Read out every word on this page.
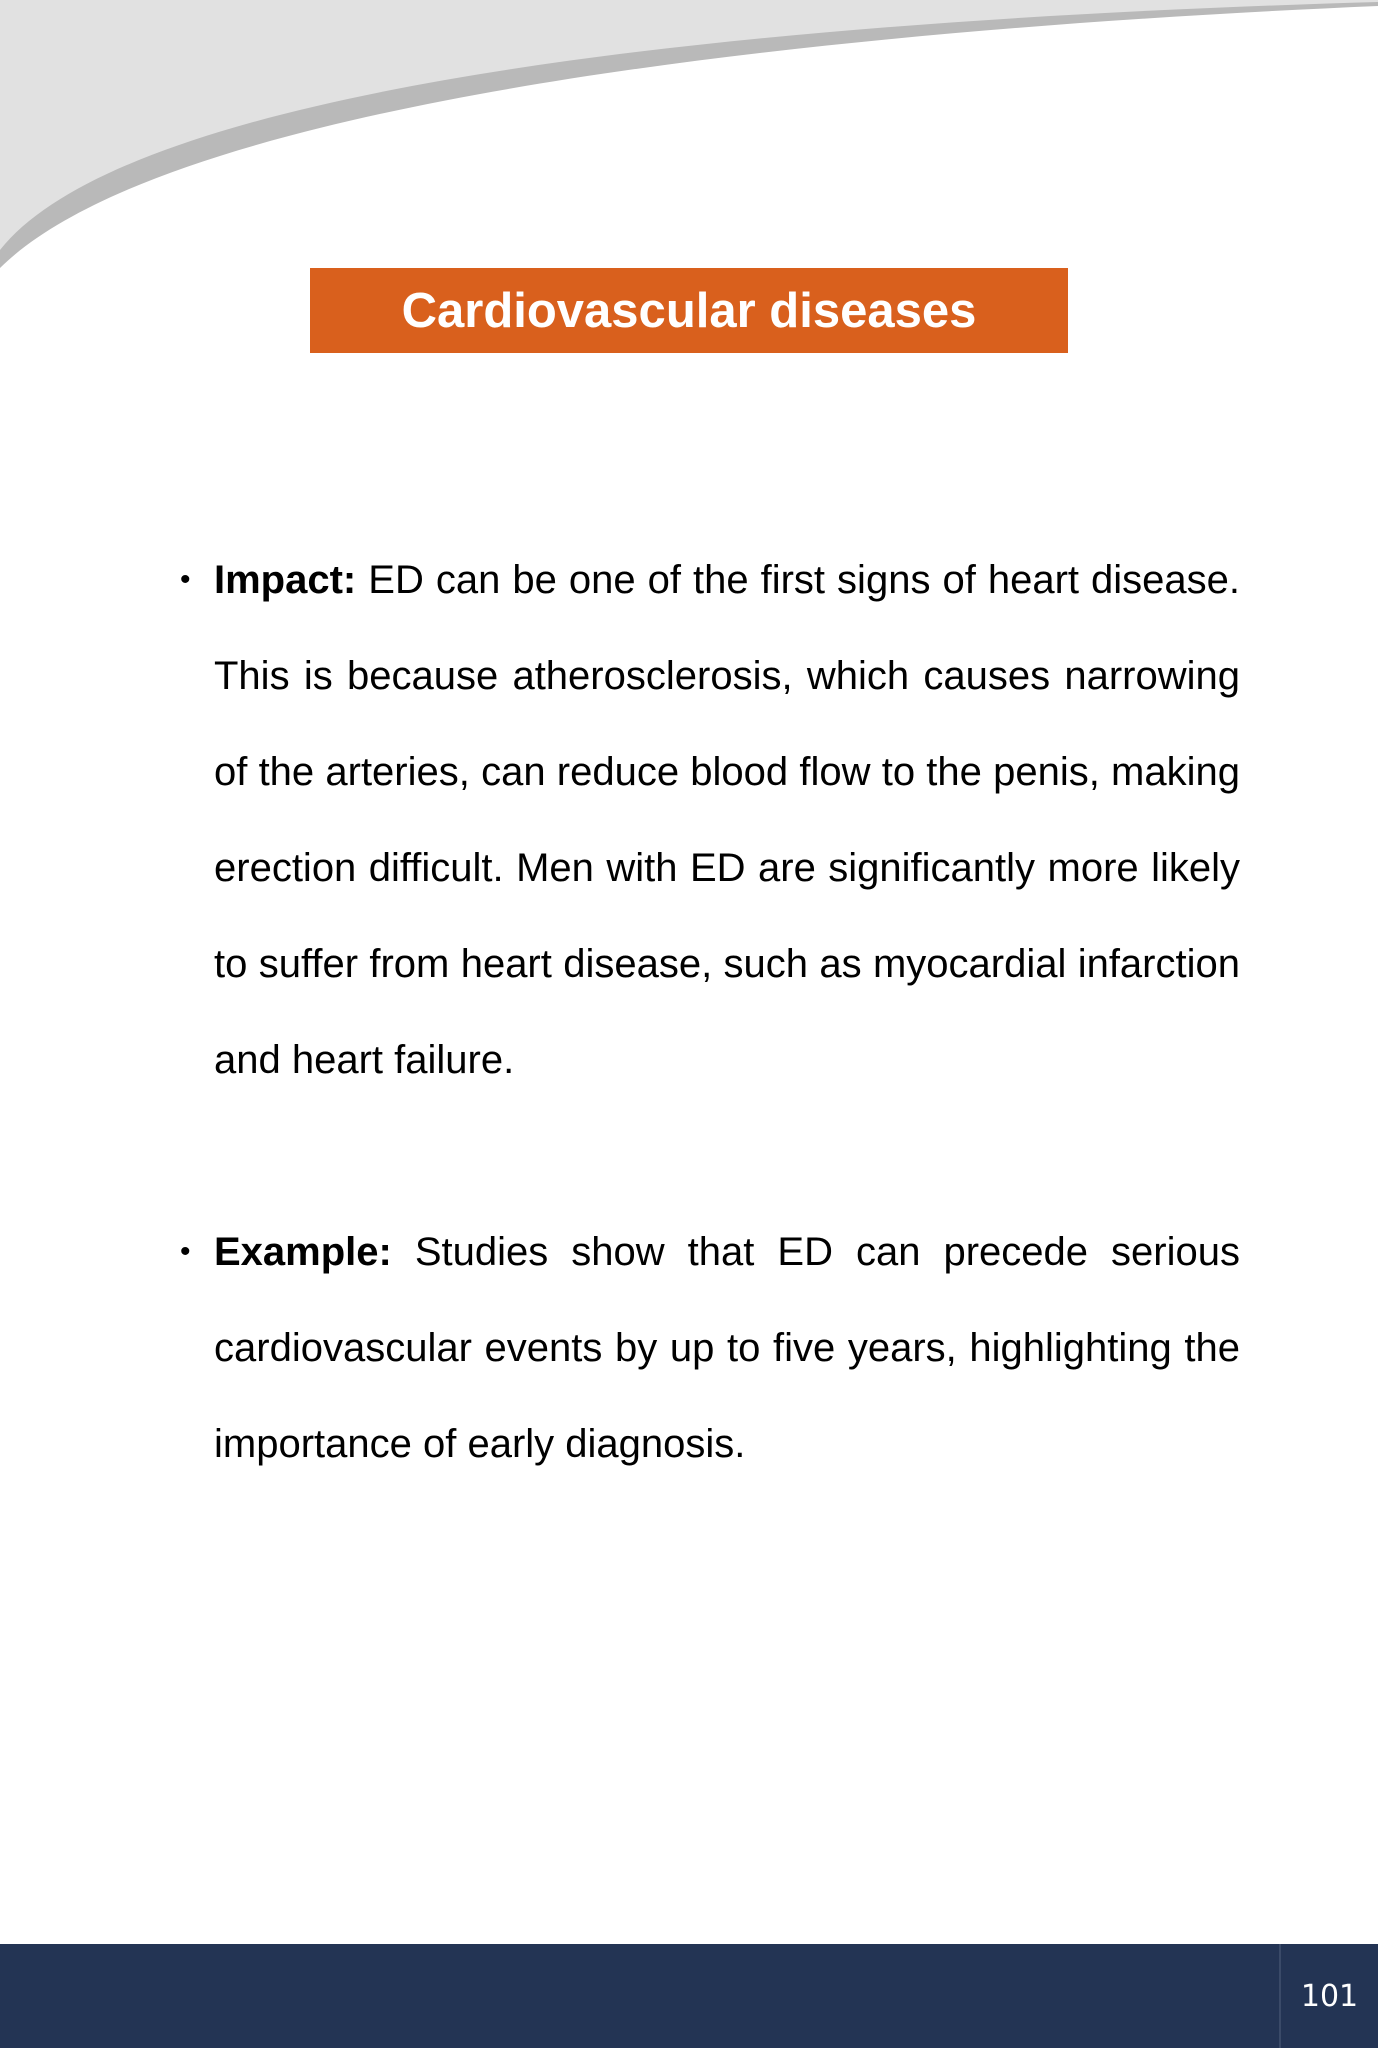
Cardiovascular diseases
• Impact: ED can be one of the first signs of heart disease. This is because atherosclerosis, which causes narrowing of the arteries, can reduce blood flow to the penis, making erection difficult. Men with ED are significantly more likely to suffer from heart disease, such as myocardial infarction and heart failure.
• Example: Studies show that ED can precede serious cardiovascular events by up to five years, highlighting the importance of early diagnosis.
101
